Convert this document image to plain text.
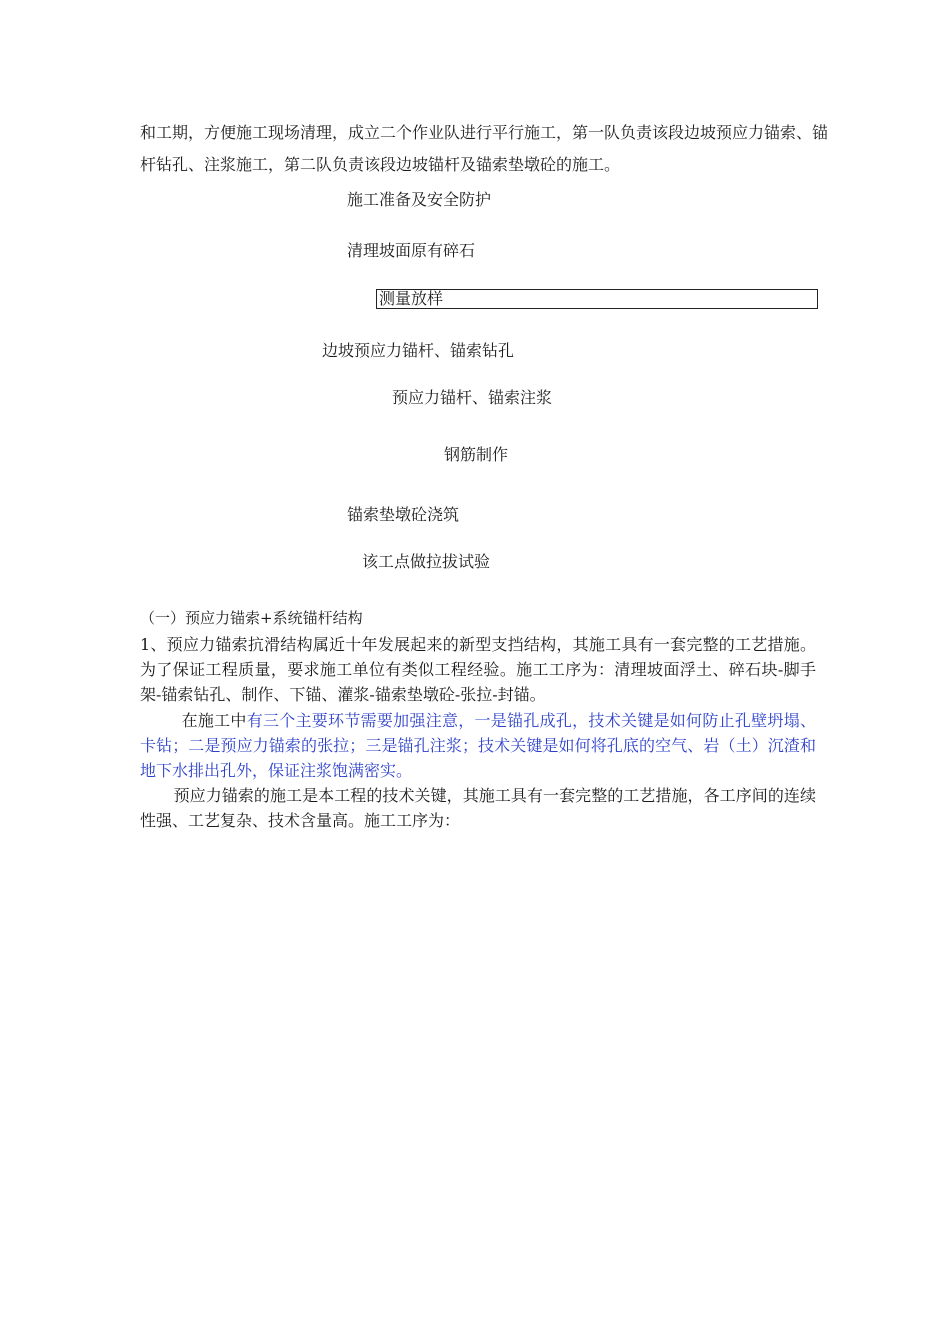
和工期，方便施工现场清理，成立二个作业队进行平行施工，第一队负责该段边坡预应力锚索、锚杆钻孔、注浆施工，第二队负责该段边坡锚杆及锚索垫墩砼的施工。
施工准备及安全防护
清理坡面原有碎石
测量放样
边坡预应力锚杆、锚索钻孔
预应力锚杆、锚索注浆
钢筋制作
锚索垫墩砼浇筑
该工点做拉拔试验
（一）预应力锚索+系统锚杆结构
1、预应力锚索抗滑结构属近十年发展起来的新型支挡结构，其施工具有一套完整的工艺措施。为了保证工程质量，要求施工单位有类似工程经验。施工工序为：清理坡面浮土、碎石块-脚手架-锚索钻孔、制作、下锚、灌浆-锚索垫墩砼-张拉-封锚。
在施工中有三个主要环节需要加强注意，一是锚孔成孔，技术关键是如何防止孔壁坍塌、卡钻；二是预应力锚索的张拉；三是锚孔注浆；技术关键是如何将孔底的空气、岩（土）沉渣和地下水排出孔外，保证注浆饱满密实。
预应力锚索的施工是本工程的技术关键，其施工具有一套完整的工艺措施，各工序间的连续性强、工艺复杂、技术含量高。施工工序为：
